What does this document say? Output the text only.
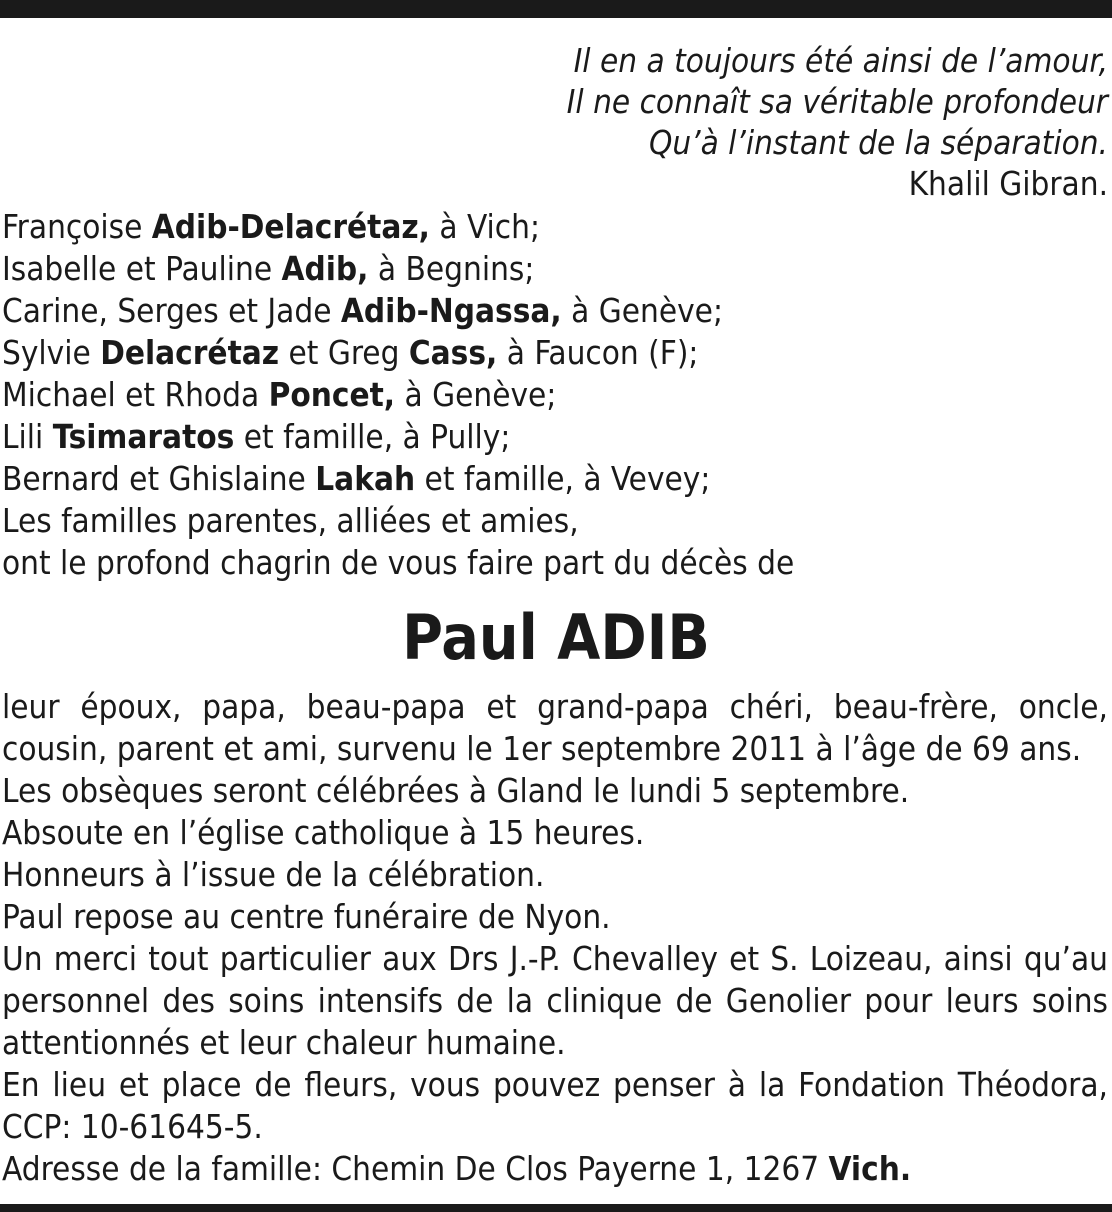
Il en a toujours été ainsi de l’amour,
Il ne connaît sa véritable profondeur
Qu’à l’instant de la séparation.
Khalil Gibran.
Françoise Adib-Delacrétaz, à Vich;
Isabelle et Pauline Adib, à Begnins;
Carine, Serges et Jade Adib-Ngassa, à Genève;
Sylvie Delacrétaz et Greg Cass, à Faucon (F);
Michael et Rhoda Poncet, à Genève;
Lili Tsimaratos et famille, à Pully;
Bernard et Ghislaine Lakah et famille, à Vevey;
Les familles parentes, alliées et amies,
ont le profond chagrin de vous faire part du décès de
Paul ADIB
leur époux, papa, beau-papa et grand-papa chéri, beau-frère, oncle, cousin, parent et ami, survenu le 1er septembre 2011 à l’âge de 69 ans.
Les obsèques seront célébrées à Gland le lundi 5 septembre.
Absoute en l’église catholique à 15 heures.
Honneurs à l’issue de la célébration.
Paul repose au centre funéraire de Nyon.
Un merci tout particulier aux Drs J.-P. Chevalley et S. Loizeau, ainsi qu’au personnel des soins intensifs de la clinique de Genolier pour leurs soins attentionnés et leur chaleur humaine.
En lieu et place de fleurs, vous pouvez penser à la Fondation Théodora, CCP: 10-61645-5.
Adresse de la famille: Chemin De Clos Payerne 1, 1267 Vich.
